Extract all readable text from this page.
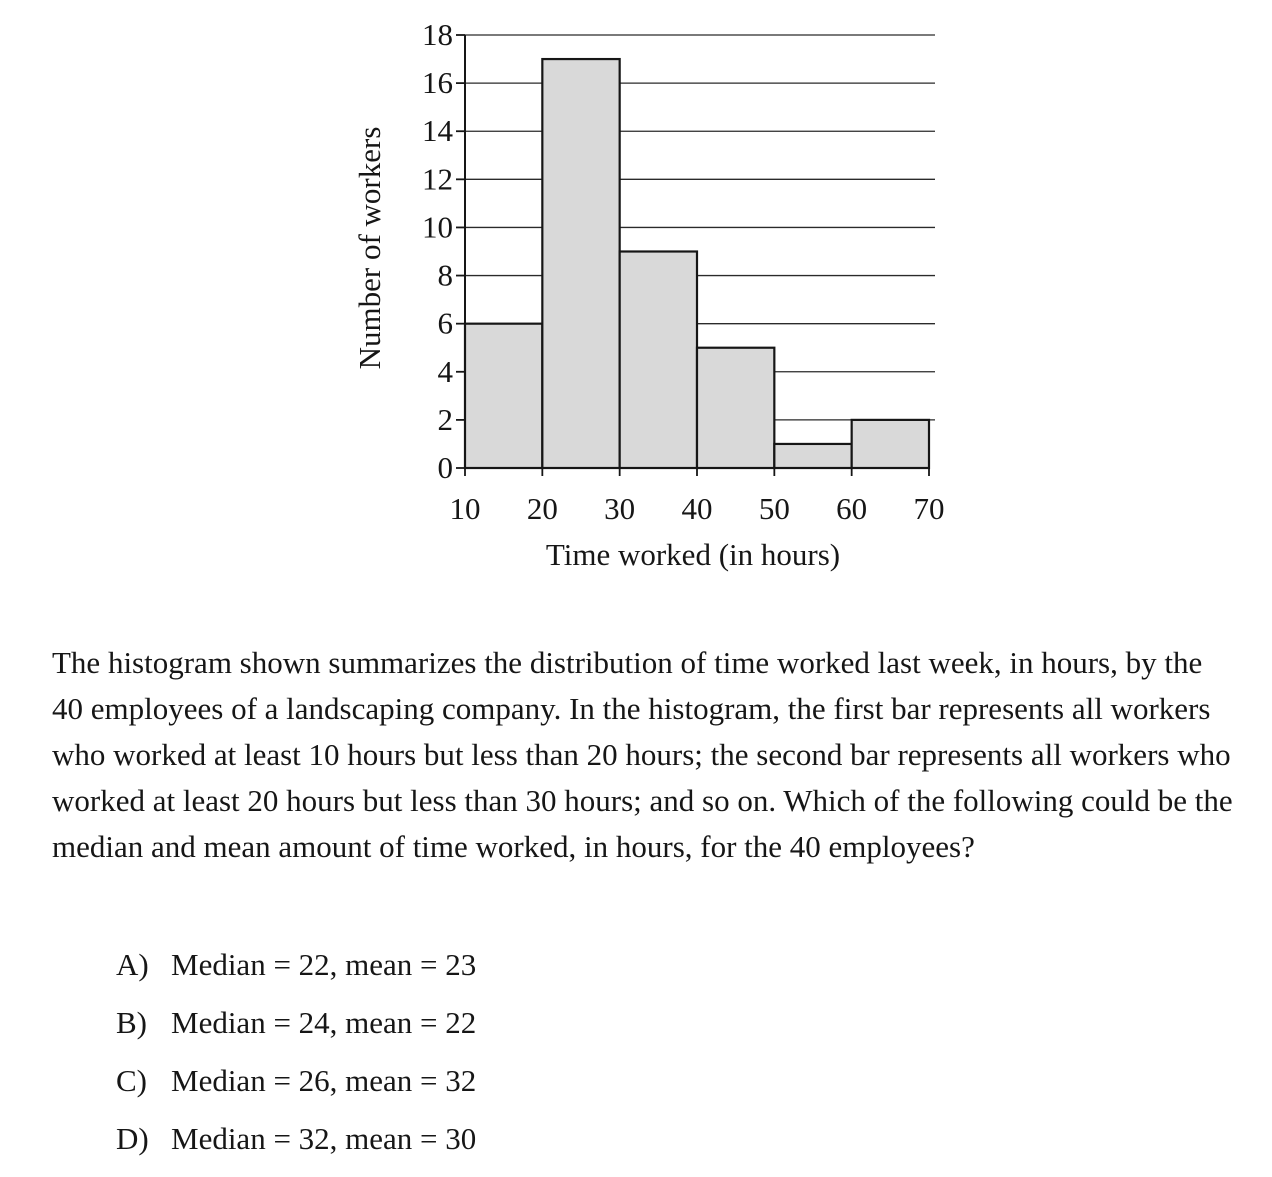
0
2
4
6
8
10
12
14
16
18
10 20 30 40 50 60 70
Number of workers
Time worked (in hours)

The histogram shown summarizes the distribution of time worked last week, in hours, by the 40 employees of a landscaping company. In the histogram, the first bar represents all workers who worked at least 10 hours but less than 20 hours; the second bar represents all workers who worked at least 20 hours but less than 30 hours; and so on. Which of the following could be the median and mean amount of time worked, in hours, for the 40 employees?

A) Median = 22, mean = 23
B) Median = 24, mean = 22
C) Median = 26, mean = 32
D) Median = 32, mean = 30
